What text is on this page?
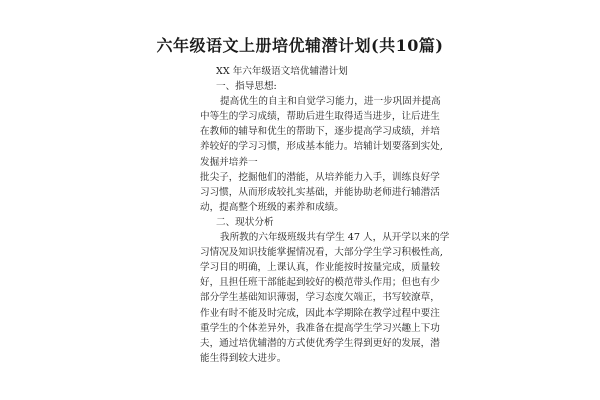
六年级语文上册培优辅潜计划(共10篇)

XX 年六年级语文培优辅潜计划

一、指导思想:

提高优生的自主和自觉学习能力，进一步巩固并提高

中等生的学习成绩，帮助后进生取得适当进步，让后进生

在教师的辅导和优生的帮助下，逐步提高学习成绩，并培

养较好的学习习惯，形成基本能力。培辅计划要落到实处,

发掘并培养一

批尖子，挖掘他们的潜能，从培养能力入手，训练良好学

习习惯，从而形成较扎实基础，并能协助老师进行辅潜活

动，提高整个班级的素养和成绩。

二、现状分析

我所教的六年级班级共有学生 47 人，从开学以来的学

习情况及知识技能掌握情况看，大部分学生学习积极性高,

学习目的明确，上课认真，作业能按时按量完成，质量较

好，且担任班干部能起到较好的模范带头作用；但也有少

部分学生基础知识薄弱，学习态度欠端正，书写较潦草，

作业有时不能及时完成，因此本学期除在教学过程中要注

重学生的个体差异外，我准备在提高学生学习兴趣上下功

夫，通过培优辅潜的方式使优秀学生得到更好的发展，潜

能生得到较大进步。
